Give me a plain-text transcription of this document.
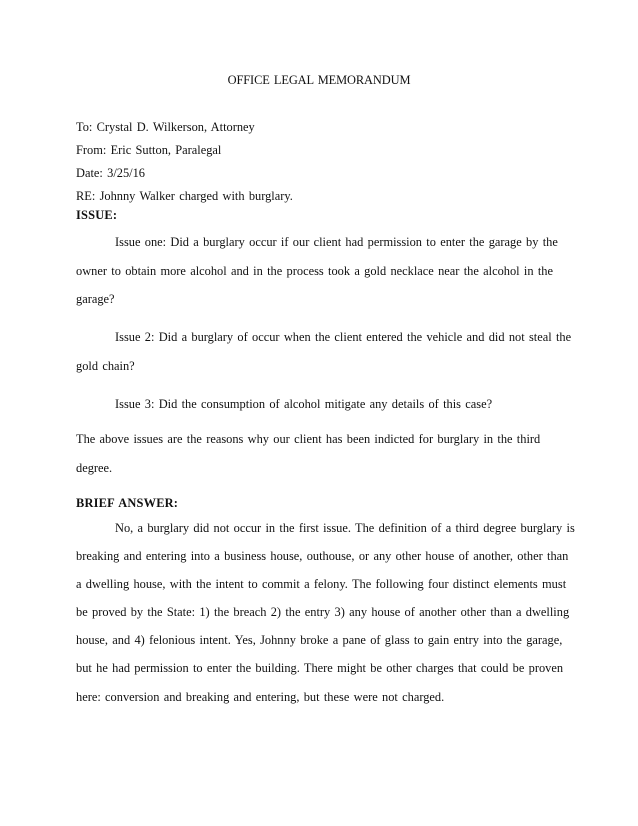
OFFICE LEGAL MEMORANDUM
To: Crystal D. Wilkerson, Attorney
From: Eric Sutton, Paralegal
Date: 3/25/16
RE: Johnny Walker charged with burglary.
ISSUE:
Issue one: Did a burglary occur if our client had permission to enter the garage by the
owner to obtain more alcohol and in the process took a gold necklace near the alcohol in the
garage?
Issue 2: Did a burglary of occur when the client entered the vehicle and did not steal the
gold chain?
Issue 3: Did the consumption of alcohol mitigate any details of this case?
The above issues are the reasons why our client has been indicted for burglary in the third
degree.
BRIEF ANSWER:
No, a burglary did not occur in the first issue. The definition of a third degree burglary is
breaking and entering into a business house, outhouse, or any other house of another, other than
a dwelling house, with the intent to commit a felony. The following four distinct elements must
be proved by the State: 1) the breach 2) the entry 3) any house of another other than a dwelling
house, and 4) felonious intent. Yes, Johnny broke a pane of glass to gain entry into the garage,
but he had permission to enter the building. There might be other charges that could be proven
here: conversion and breaking and entering, but these were not charged.
